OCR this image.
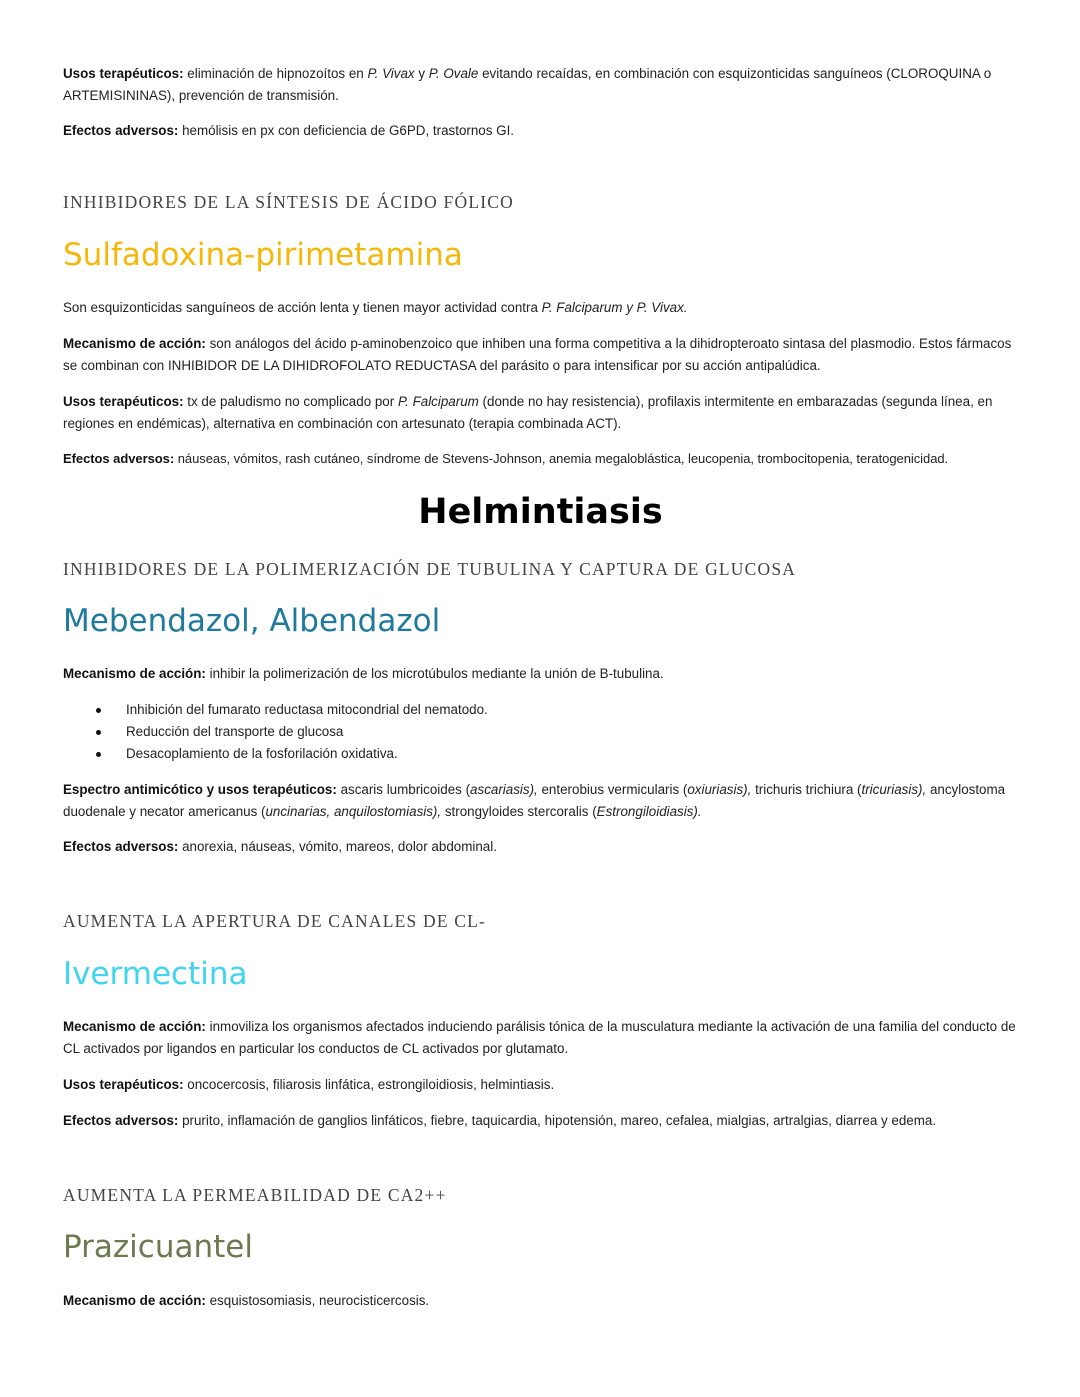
Usos terapéuticos: eliminación de hipnozoítos en P. Vivax y P. Ovale evitando recaídas, en combinación con esquizonticidas sanguíneos (CLOROQUINA o ARTEMISININAS), prevención de transmisión.

Efectos adversos: hemólisis en px con deficiencia de G6PD, trastornos GI.

INHIBIDORES DE LA SÍNTESIS DE ÁCIDO FÓLICO
Sulfadoxina-pirimetamina

Son esquizonticidas sanguíneos de acción lenta y tienen mayor actividad contra P. Falciparum y P. Vivax.

Mecanismo de acción: son análogos del ácido p-aminobenzoico que inhiben una forma competitiva a la dihidropteroato sintasa del plasmodio. Estos fármacos se combinan con INHIBIDOR DE LA DIHIDROFOLATO REDUCTASA del parásito o para intensificar por su acción antipalúdica.

Usos terapéuticos: tx de paludismo no complicado por P. Falciparum (donde no hay resistencia), profilaxis intermitente en embarazadas (segunda línea, en regiones en endémicas), alternativa en combinación con artesunato (terapia combinada ACT).

Efectos adversos: náuseas, vómitos, rash cutáneo, síndrome de Stevens-Johnson, anemia megaloblástica, leucopenia, trombocitopenia, teratogenicidad.

Helmintiasis
INHIBIDORES DE LA POLIMERIZACIÓN DE TUBULINA Y CAPTURA DE GLUCOSA
Mebendazol, Albendazol

Mecanismo de acción: inhibir la polimerización de los microtúbulos mediante la unión de B-tubulina.

Inhibición del fumarato reductasa mitocondrial del nematodo.
Reducción del transporte de glucosa
Desacoplamiento de la fosforilación oxidativa.

Espectro antimicótico y usos terapéuticos: ascaris lumbricoides (ascariasis), enterobius vermicularis (oxiuriasis), trichuris trichiura (tricuriasis), ancylostoma duodenale y necator americanus (uncinarias, anquilostomiasis), strongyloides stercoralis (Estrongiloidiasis).

Efectos adversos: anorexia, náuseas, vómito, mareos, dolor abdominal.

AUMENTA LA APERTURA DE CANALES DE CL-
Ivermectina

Mecanismo de acción: inmoviliza los organismos afectados induciendo parálisis tónica de la musculatura mediante la activación de una familia del conducto de CL activados por ligandos en particular los conductos de CL activados por glutamato.

Usos terapéuticos: oncocercosis, filiarosis linfática, estrongiloidiosis, helmintiasis.

Efectos adversos: prurito, inflamación de ganglios linfáticos, fiebre, taquicardia, hipotensión, mareo, cefalea, mialgias, artralgias, diarrea y edema.

AUMENTA LA PERMEABILIDAD DE CA2++
Prazicuantel

Mecanismo de acción: esquistosomiasis, neurocisticercosis.
